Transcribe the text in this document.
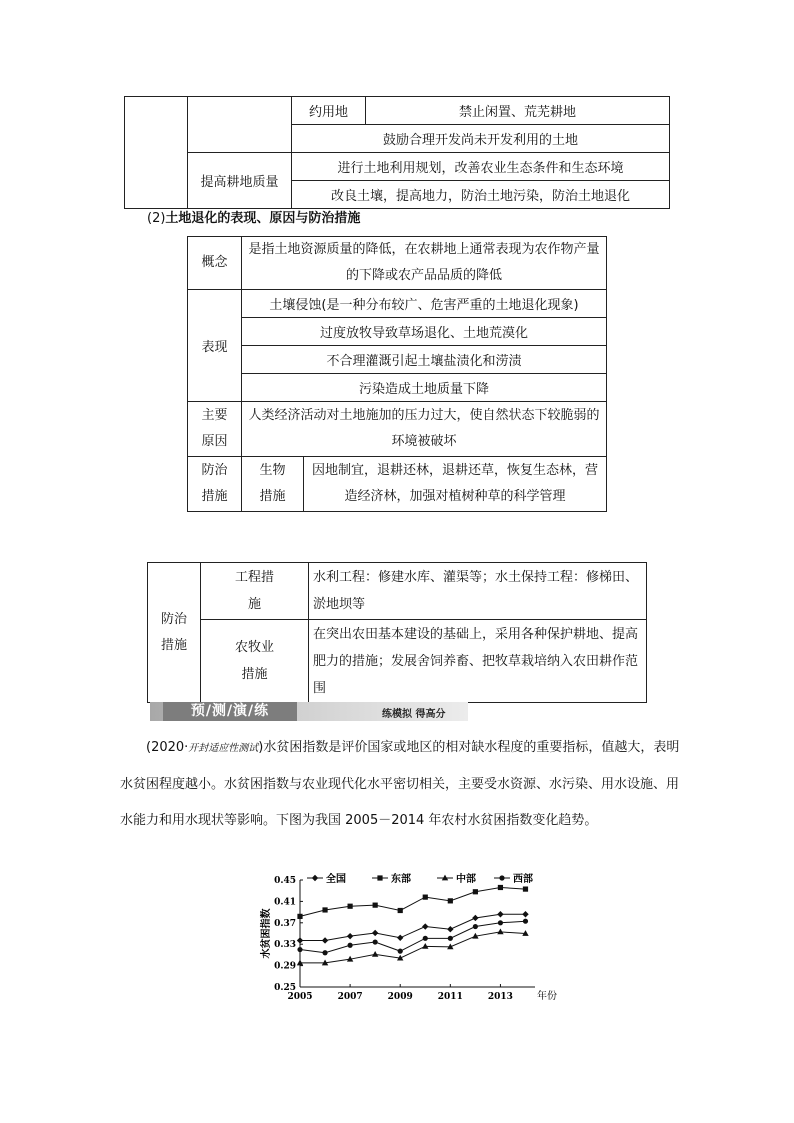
		约用地	禁止闲置、荒芜耕地
		鼓励合理开发尚未开发利用的土地	
	提高耕地质量	进行土地利用规划，改善农业生态条件和生态环境	
		改良土壤，提高地力，防治土地污染，防治土地退化	
(2)土地退化的表现、原因与防治措施
概念	是指土地资源质量的降低，在农耕地上通常表现为农作物产量的下降或农产品品质的降低	
表现	土壤侵蚀(是一种分布较广、危害严重的土地退化现象)	
	过度放牧导致草场退化、土地荒漠化	
	不合理灌溉引起土壤盐渍化和涝渍	
	污染造成土地质量下降	
主要原因	人类经济活动对土地施加的压力过大，使自然状态下较脆弱的环境被破坏	
防治措施	生物措施	因地制宜，退耕还林，退耕还草，恢复生态林，营造经济林，加强对植树种草的科学管理
防治措施	工程措施	水利工程：修建水库、灌渠等；水土保持工程：修梯田、淤地坝等
	农牧业措施	在突出农田基本建设的基础上，采用各种保护耕地、提高肥力的措施；发展舍饲养畜、把牧草栽培纳入农田耕作范围
预/测/演/练	练模拟 得高分
(2020·开封适应性测试)水贫困指数是评价国家或地区的相对缺水程度的重要指标，值越大，表明水贫困程度越小。水贫困指数与农业现代化水平密切相关，主要受水资源、水污染、用水设施、用水能力和用水现状等影响。下图为我国 2005－2014 年农村水贫困指数变化趋势。
0.45
0.41
0.37
0.33
0.29
0.25
2005	2007	2009	2011	2013 年份
水贫困指数
全国	东部	中部	西部
